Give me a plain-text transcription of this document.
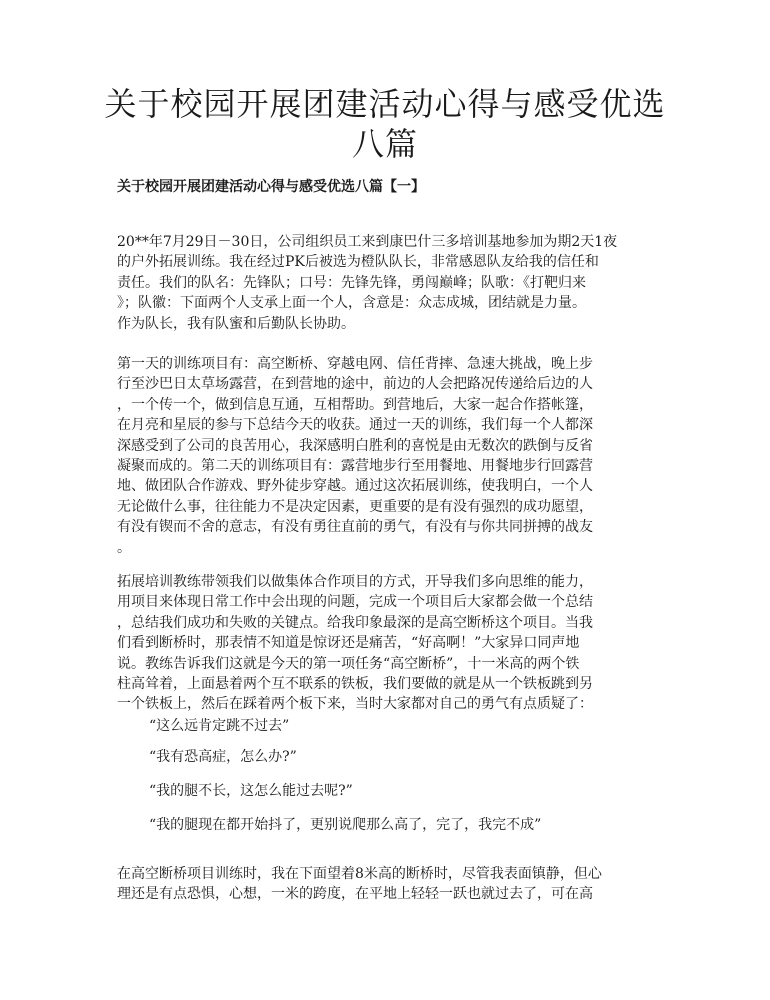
关于校园开展团建活动心得与感受优选
八篇

关于校园开展团建活动心得与感受优选八篇【一】

20**年7月29日－30日，公司组织员工来到康巴什三多培训基地参加为期2天1夜
的户外拓展训练。我在经过PK后被选为橙队队长，非常感恩队友给我的信任和
责任。我们的队名：先锋队；口号：先锋先锋，勇闯巅峰；队歌：《打靶归来
》；队徽：下面两个人支承上面一个人，含意是：众志成城，团结就是力量。
作为队长，我有队蜜和后勤队长协助。

第一天的训练项目有：高空断桥、穿越电网、信任背摔、急速大挑战，晚上步
行至沙巴日太草场露营，在到营地的途中，前边的人会把路况传递给后边的人
，一个传一个，做到信息互通，互相帮助。到营地后，大家一起合作搭帐篷，
在月亮和星辰的参与下总结今天的收获。通过一天的训练，我们每一个人都深
深感受到了公司的良苦用心，我深感明白胜利的喜悦是由无数次的跌倒与反省
凝聚而成的。第二天的训练项目有：露营地步行至用餐地、用餐地步行回露营
地、做团队合作游戏、野外徒步穿越。通过这次拓展训练，使我明白，一个人
无论做什么事，往往能力不是决定因素，更重要的是有没有强烈的成功愿望，
有没有锲而不舍的意志，有没有勇往直前的勇气，有没有与你共同拼搏的战友
。

拓展培训教练带领我们以做集体合作项目的方式，开导我们多向思维的能力，
用项目来体现日常工作中会出现的问题，完成一个项目后大家都会做一个总结
，总结我们成功和失败的关键点。给我印象最深的是高空断桥这个项目。当我
们看到断桥时，那表情不知道是惊讶还是痛苦，“好高啊！”大家异口同声地
说。教练告诉我们这就是今天的第一项任务“高空断桥”，十一米高的两个铁
柱高耸着，上面悬着两个互不联系的铁板，我们要做的就是从一个铁板跳到另
一个铁板上，然后在踩着两个板下来，当时大家都对自己的勇气有点质疑了：

“这么远肯定跳不过去”

“我有恐高症，怎么办?”

“我的腿不长，这怎么能过去呢?”

“我的腿现在都开始抖了，更别说爬那么高了，完了，我完不成”

在高空断桥项目训练时，我在下面望着8米高的断桥时，尽管我表面镇静，但心
理还是有点恐惧，心想，一米的跨度，在平地上轻轻一跃也就过去了，可在高
